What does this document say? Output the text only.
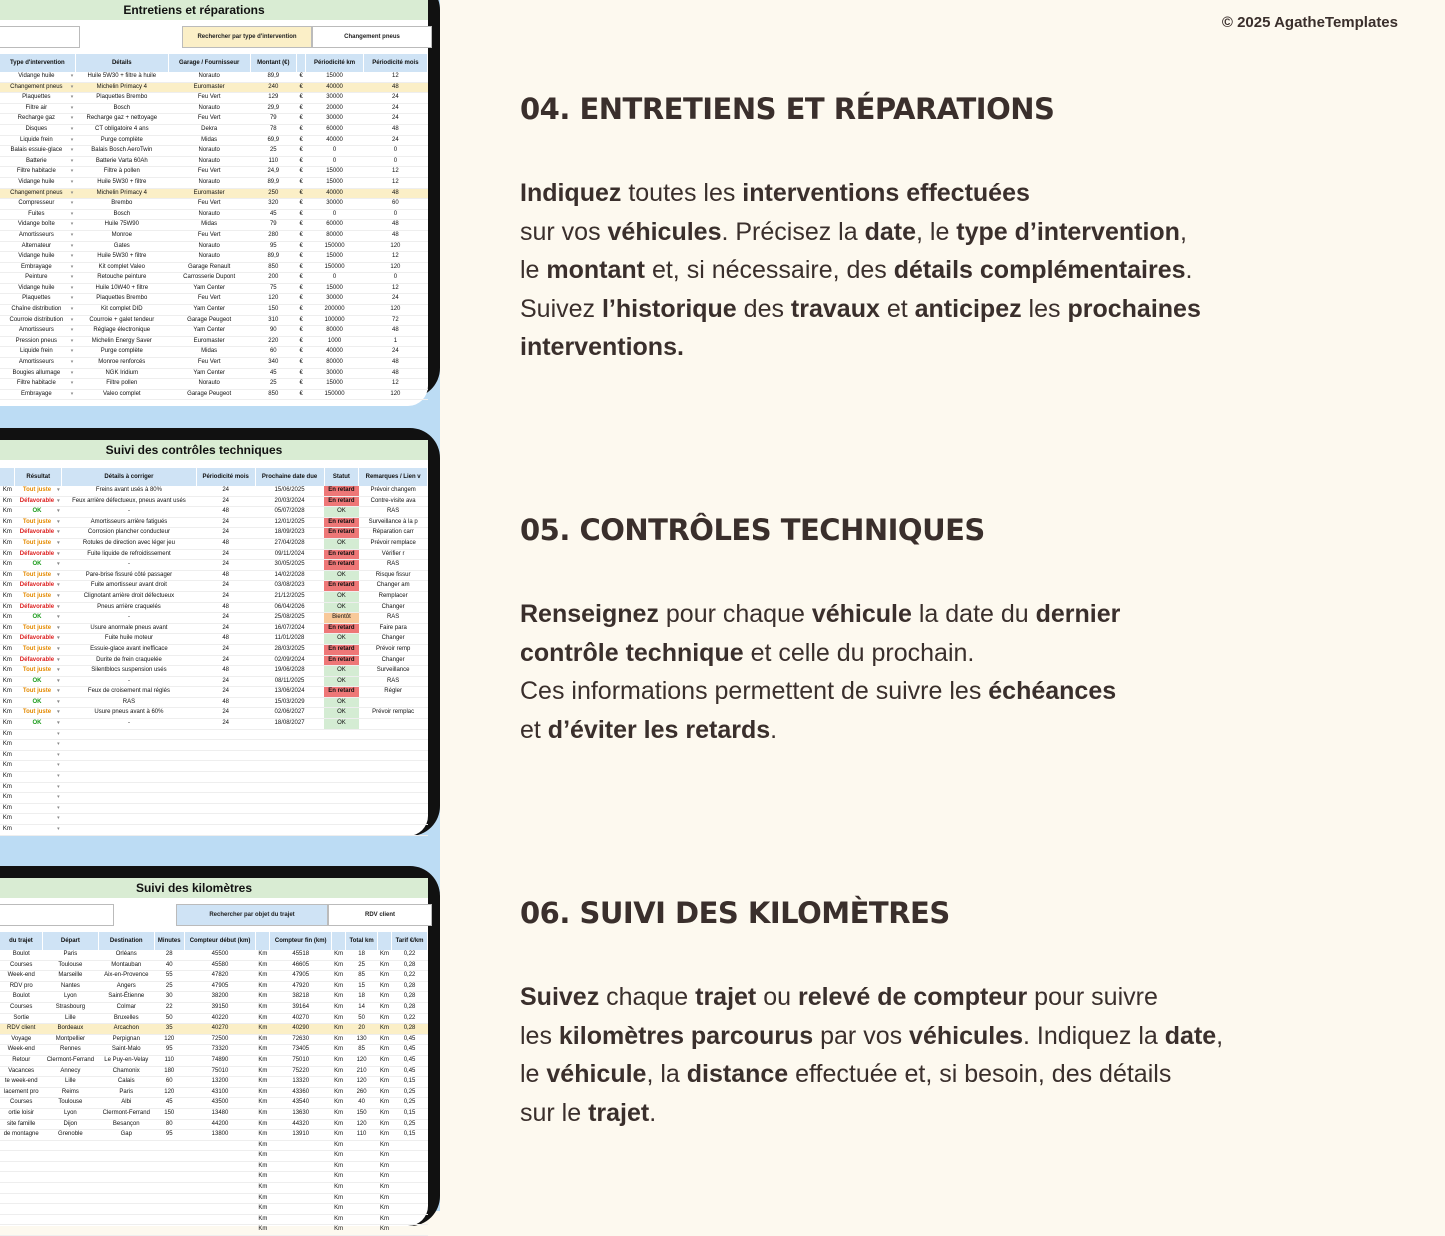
Entretiens et réparations
Rechercher par type d'intervention	Changement pneus
Type d'intervention	Détails	Garage / Fournisseur	Montant (€)		Périodicité km	Périodicité mois
Vidange huile ▾	Huile 5W30 + filtre à huile	Norauto	89,9	€	15000	12
Changement pneus ▾	Michelin Primacy 4	Euromaster	240	€	40000	48
Plaquettes ▾	Plaquettes Brembo	Feu Vert	129	€	30000	24
Filtre air ▾	Bosch	Norauto	29,9	€	20000	24
Recharge gaz ▾	Recharge gaz + nettoyage	Feu Vert	79	€	30000	24
Disques ▾	CT obligatoire 4 ans	Dekra	78	€	60000	48
Liquide frein ▾	Purge complète	Midas	69,9	€	40000	24
Balais essuie-glace ▾	Balais Bosch AeroTwin	Norauto	25	€	0	0
Batterie ▾	Batterie Varta 60Ah	Norauto	110	€	0	0
Filtre habitacle ▾	Filtre à pollen	Feu Vert	24,9	€	15000	12
Vidange huile ▾	Huile 5W30 + filtre	Norauto	89,9	€	15000	12
Changement pneus ▾	Michelin Primacy 4	Euromaster	250	€	40000	48
Compresseur ▾	Brembo	Feu Vert	320	€	30000	60
Fuites ▾	Bosch	Norauto	45	€	0	0
Vidange boîte ▾	Huile 75W90	Midas	79	€	60000	48
Amortisseurs ▾	Monroe	Feu Vert	280	€	80000	48
Alternateur ▾	Gates	Norauto	95	€	150000	120
Vidange huile ▾	Huile 5W30 + filtre	Norauto	89,9	€	15000	12
Embrayage ▾	Kit complet Valeo	Garage Renault	850	€	150000	120
Peinture ▾	Retouche peinture	Carrosserie Dupont	200	€	0	0
Vidange huile ▾	Huile 10W40 + filtre	Yam Center	75	€	15000	12
Plaquettes ▾	Plaquettes Brembo	Feu Vert	120	€	30000	24
Chaîne distribution ▾	Kit complet DID	Yam Center	150	€	200000	120
Courroie distribution ▾	Courroie + galet tendeur	Garage Peugeot	310	€	100000	72
Amortisseurs ▾	Réglage électronique	Yam Center	90	€	80000	48
Pression pneus ▾	Michelin Energy Saver	Euromaster	220	€	1000	1
Liquide frein ▾	Purge complète	Midas	60	€	40000	24
Amortisseurs ▾	Monroe renforcés	Feu Vert	340	€	80000	48
Bougies allumage ▾	NGK Iridium	Yam Center	45	€	30000	48
Filtre habitacle ▾	Filtre pollen	Norauto	25	€	15000	12
Embrayage ▾	Valeo complet	Garage Peugeot	850	€	150000	120
Suivi des contrôles techniques
	Résultat	Détails à corriger	Périodicité mois	Prochaine date due	Statut	Remarques / Lien v
Km	Tout juste ▾	Freins avant usés à 80%	24	15/06/2025	En retard	Prévoir changem
Km	Défavorable ▾	Feux arrière défectueux, pneus avant usés	24	20/03/2024	En retard	Contre-visite ava
Km	OK ▾	-	48	05/07/2028	OK	RAS
Km	Tout juste ▾	Amortisseurs arrière fatigués	24	12/01/2025	En retard	Surveillance à la p
Km	Défavorable ▾	Corrosion plancher conducteur	24	18/09/2023	En retard	Réparation carr
Km	Tout juste ▾	Rotules de direction avec léger jeu	48	27/04/2028	OK	Prévoir remplace
Km	Défavorable ▾	Fuite liquide de refroidissement	24	09/11/2024	En retard	Vérifier r
Km	OK ▾	-	24	30/05/2025	En retard	RAS
Km	Tout juste ▾	Pare-brise fissuré côté passager	48	14/02/2028	OK	Risque fissur
Km	Défavorable ▾	Fuite amortisseur avant droit	24	03/08/2023	En retard	Changer am
Km	Tout juste ▾	Clignotant arrière droit défectueux	24	21/12/2025	OK	Remplacer
Km	Défavorable ▾	Pneus arrière craquelés	48	06/04/2026	OK	Changer
Km	OK ▾	-	24	25/08/2025	Bientôt	RAS
Km	Tout juste ▾	Usure anormale pneus avant	24	16/07/2024	En retard	Faire para
Km	Défavorable ▾	Fuite huile moteur	48	11/01/2028	OK	Changer
Km	Tout juste ▾	Essuie-glace avant inefficace	24	28/03/2025	En retard	Prévoir remp
Km	Défavorable ▾	Durite de frein craquelée	24	02/09/2024	En retard	Changer
Km	Tout juste ▾	Silentblocs suspension usés	48	19/06/2028	OK	Surveillance
Km	OK ▾	-	24	08/11/2025	OK	RAS
Km	Tout juste ▾	Feux de croisement mal réglés	24	13/06/2024	En retard	Régler
Km	OK ▾	RAS	48	15/03/2029	OK	
Km	Tout juste ▾	Usure pneus avant à 60%	24	02/06/2027	OK	Prévoir remplac
Km	OK ▾	-	24	18/08/2027	OK	
Km	▾					
Km	▾					
Km	▾					
Km	▾					
Km	▾					
Km	▾					
Km	▾					
Km	▾					
Km	▾					
Km	▾					
Suivi des kilomètres
Rechercher par objet du trajet	RDV client
du trajet	Départ	Destination	Minutes	Compteur début (km)		Compteur fin (km)		Total km		Tarif €/km
Boulot	Paris	Orléans	28	45500	Km	45518	Km	18	Km	0,22
Courses	Toulouse	Montauban	40	45580	Km	46605	Km	25	Km	0,28
Week-end	Marseille	Aix-en-Provence	55	47820	Km	47905	Km	85	Km	0,22
RDV pro	Nantes	Angers	25	47905	Km	47920	Km	15	Km	0,28
Boulot	Lyon	Saint-Étienne	30	38200	Km	38218	Km	18	Km	0,28
Courses	Strasbourg	Colmar	22	39150	Km	39164	Km	14	Km	0,28
Sortie	Lille	Bruxelles	50	40220	Km	40270	Km	50	Km	0,22
RDV client	Bordeaux	Arcachon	35	40270	Km	40290	Km	20	Km	0,28
Voyage	Montpellier	Perpignan	120	72500	Km	72630	Km	130	Km	0,45
Week-end	Rennes	Saint-Malo	95	73320	Km	73405	Km	85	Km	0,45
Retour	Clermont-Ferrand	Le Puy-en-Velay	110	74890	Km	75010	Km	120	Km	0,45
Vacances	Annecy	Chamonix	180	75010	Km	75220	Km	210	Km	0,45
te week-end	Lille	Calais	60	13200	Km	13320	Km	120	Km	0,15
lacement pro	Reims	Paris	120	43100	Km	43360	Km	260	Km	0,25
Courses	Toulouse	Albi	45	43500	Km	43540	Km	40	Km	0,25
ortie loisir	Lyon	Clermont-Ferrand	150	13480	Km	13630	Km	150	Km	0,15
site famille	Dijon	Besançon	80	44200	Km	44320	Km	120	Km	0,25
de montagne	Grenoble	Gap	95	13800	Km	13910	Km	110	Km	0,15
					Km		Km		Km	
					Km		Km		Km	
					Km		Km		Km	
					Km		Km		Km	
					Km		Km		Km	
					Km		Km		Km	
					Km		Km		Km	
					Km		Km		Km	
					Km		Km		Km	
© 2025 AgatheTemplates
04. ENTRETIENS ET RÉPARATIONS

Indiquez toutes les interventions effectuées
sur vos véhicules. Précisez la date, le type d’intervention,
le montant et, si nécessaire, des détails complémentaires.
Suivez l’historique des travaux et anticipez les prochaines
interventions.

05. CONTRÔLES TECHNIQUES

Renseignez pour chaque véhicule la date du dernier
contrôle technique et celle du prochain.
Ces informations permettent de suivre les échéances
et d’éviter les retards.

06. SUIVI DES KILOMÈTRES

Suivez chaque trajet ou relevé de compteur pour suivre
les kilomètres parcourus par vos véhicules. Indiquez la date,
le véhicule, la distance effectuée et, si besoin, des détails
sur le trajet.
